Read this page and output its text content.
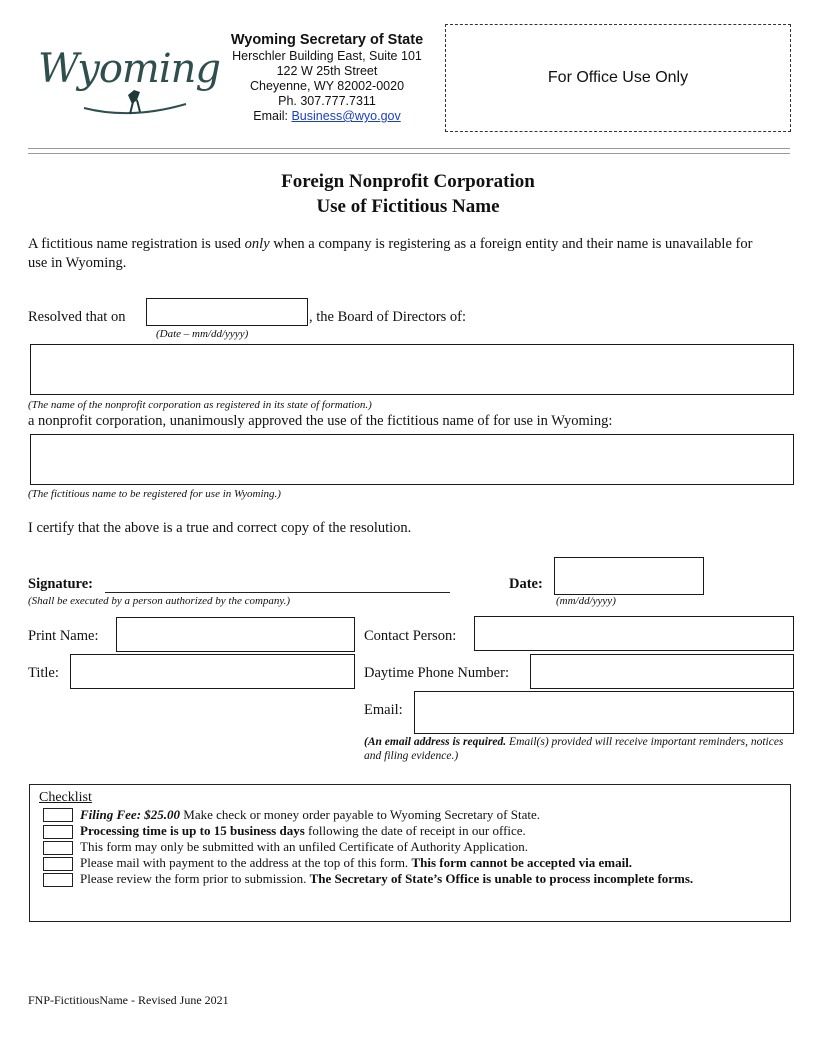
Wyoming
Wyoming Secretary of State
Herschler Building East, Suite 101
122 W 25th Street
Cheyenne, WY 82002-0020
Ph. 307.777.7311
Email: Business@wyo.gov
For Office Use Only
Foreign Nonprofit Corporation
Use of Fictitious Name
A fictitious name registration is used only when a company is registering as a foreign entity and their name is unavailable for use in Wyoming.
Resolved that on	, the Board of Directors of:
(Date – mm/dd/yyyy)
(The name of the nonprofit corporation as registered in its state of formation.)
a nonprofit corporation, unanimously approved the use of the fictitious name of for use in Wyoming:
(The fictitious name to be registered for use in Wyoming.)
I certify that the above is a true and correct copy of the resolution.
Signature:
(Shall be executed by a person authorized by the company.)
Date:
(mm/dd/yyyy)
Print Name:
Title:
Contact Person:
Daytime Phone Number:
Email:
(An email address is required. Email(s) provided will receive important reminders, notices and filing evidence.)
Checklist
Filing Fee: $25.00 Make check or money order payable to Wyoming Secretary of State.
Processing time is up to 15 business days following the date of receipt in our office.
This form may only be submitted with an unfiled Certificate of Authority Application.
Please mail with payment to the address at the top of this form. This form cannot be accepted via email.
Please review the form prior to submission. The Secretary of State’s Office is unable to process incomplete forms.
FNP-FictitiousName - Revised June 2021
